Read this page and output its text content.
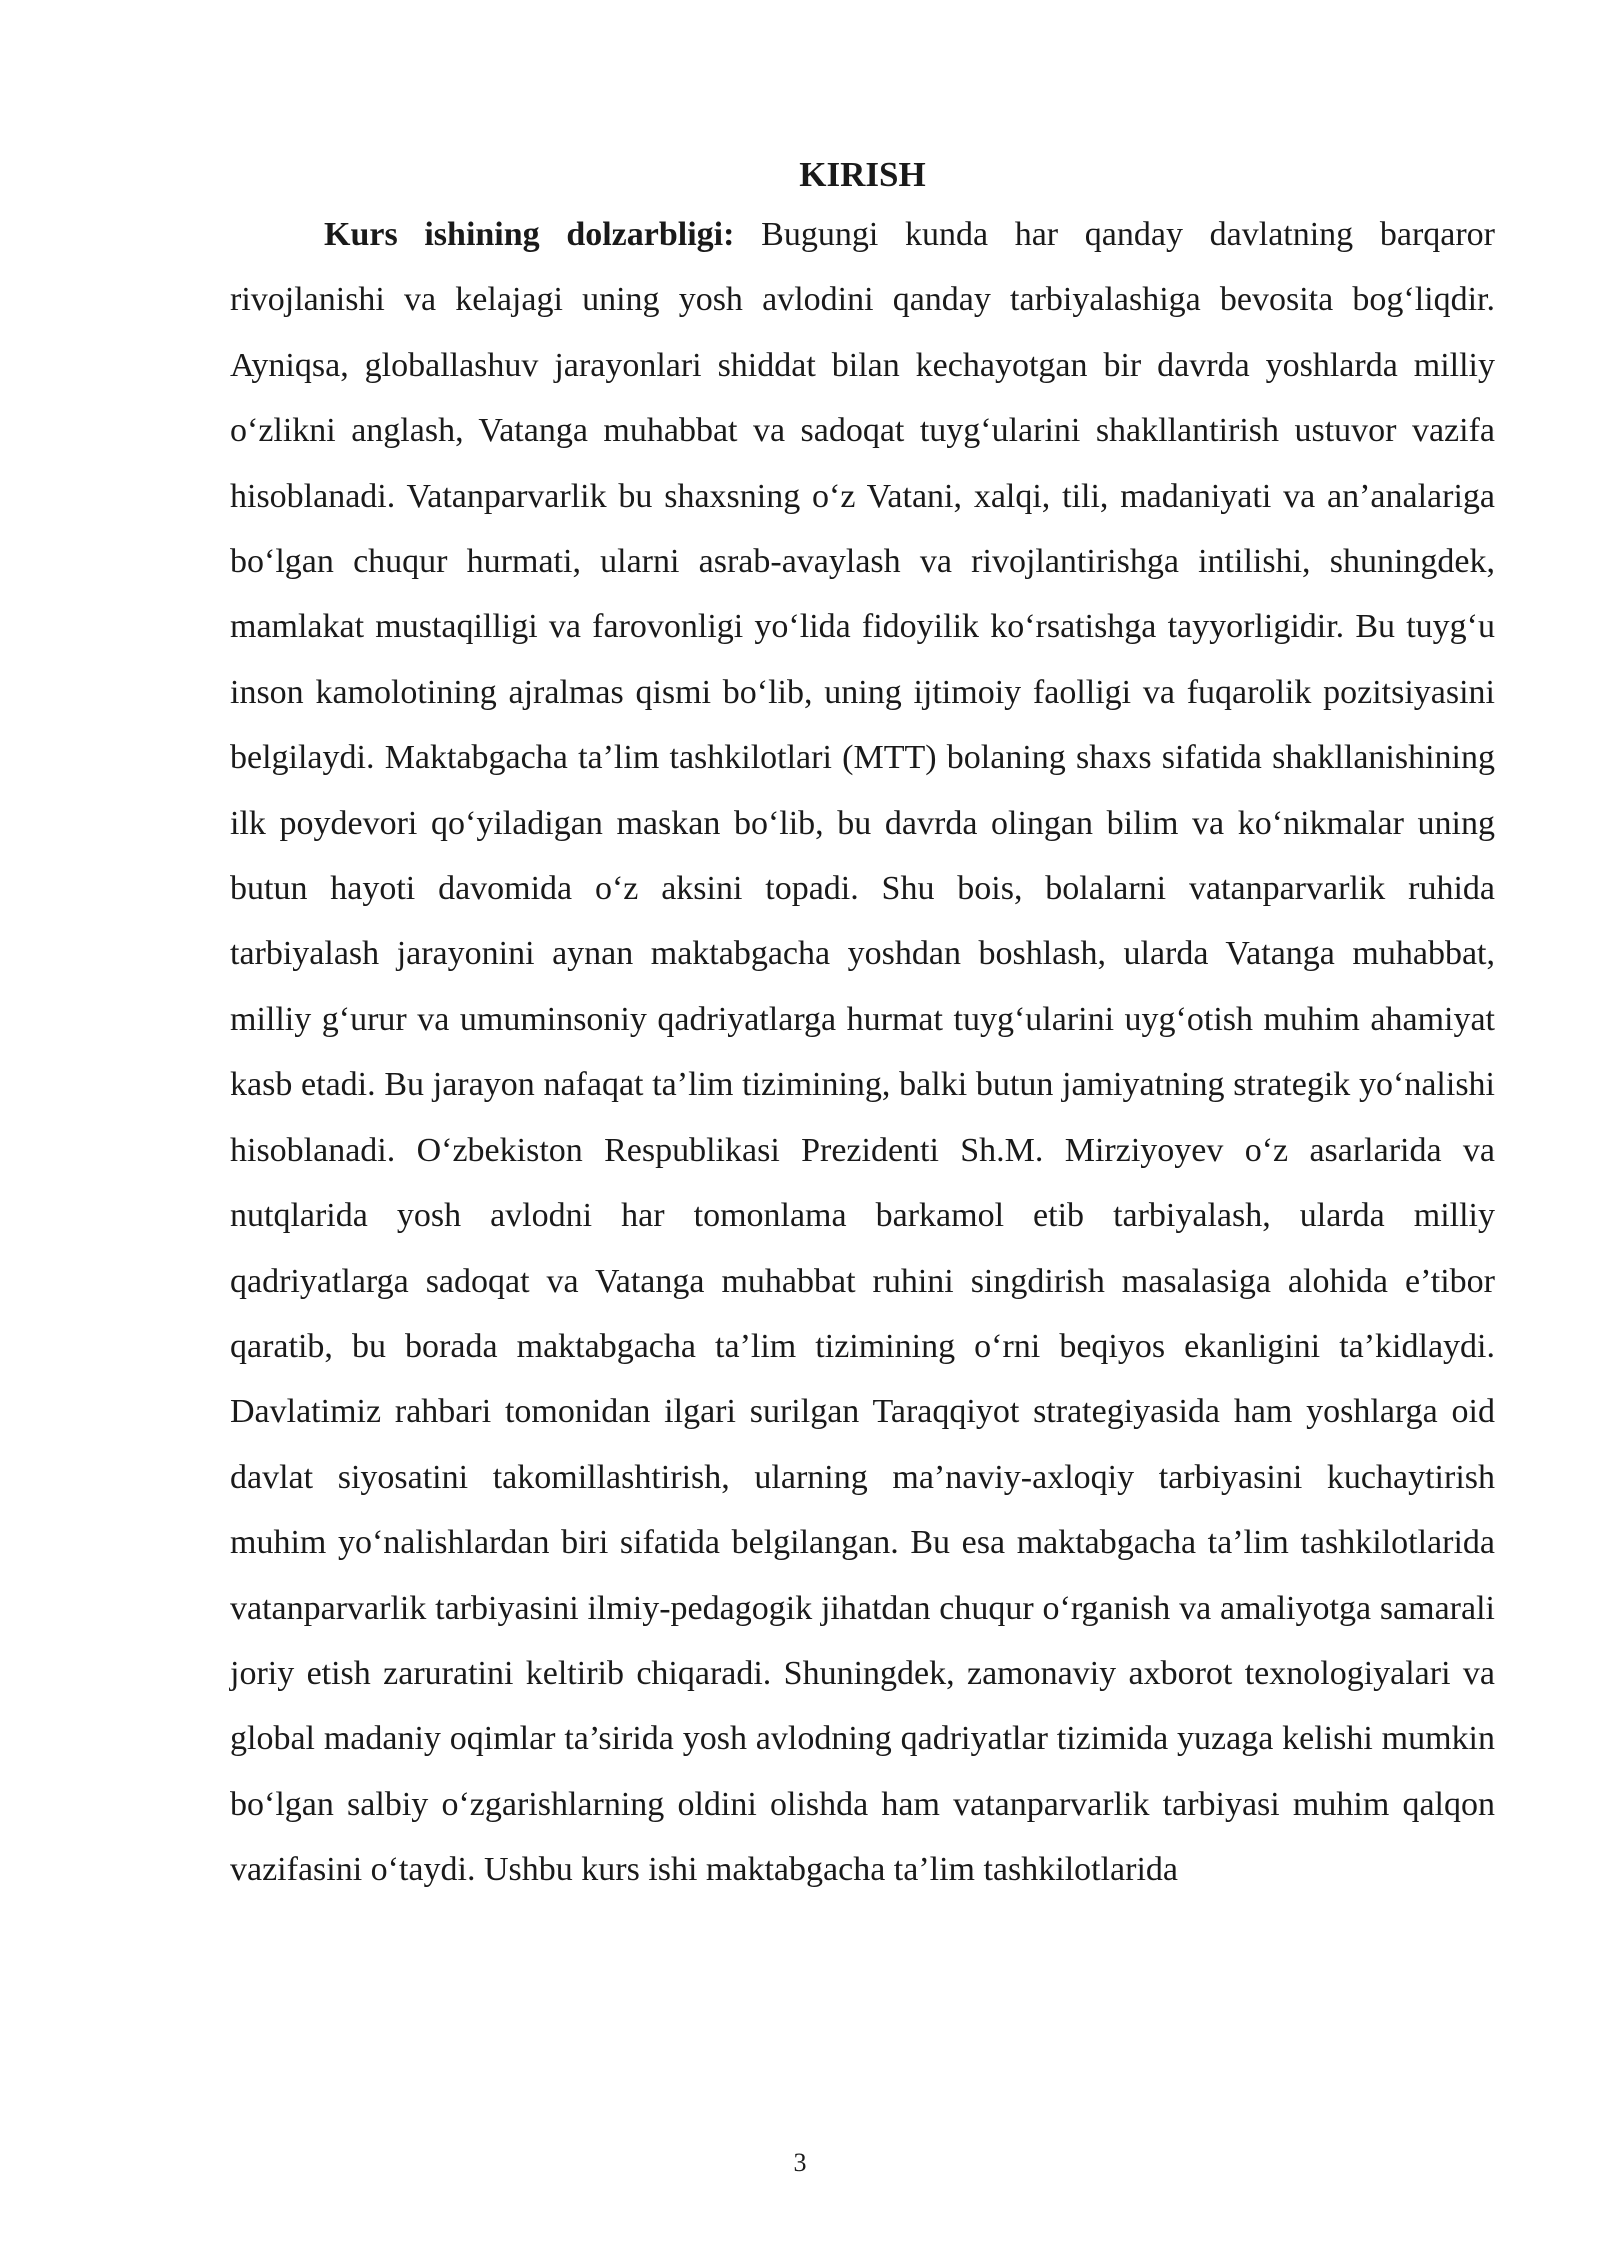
KIRISH

Kurs ishining dolzarbligi: Bugungi kunda har qanday davlatning barqaror rivojlanishi va kelajagi uning yosh avlodini qanday tarbiyalashiga bevosita bog‘liqdir. Ayniqsa, globallashuv jarayonlari shiddat bilan kechayotgan bir davrda yoshlarda milliy o‘zlikni anglash, Vatanga muhabbat va sadoqat tuyg‘ularini shakllantirish ustuvor vazifa hisoblanadi. Vatanparvarlik bu shaxsning o‘z Vatani, xalqi, tili, madaniyati va an’analariga bo‘lgan chuqur hurmati, ularni asrab-avaylash va rivojlantirishga intilishi, shuningdek, mamlakat mustaqilligi va farovonligi yo‘lida fidoyilik ko‘rsatishga tayyorligidir. Bu tuyg‘u inson kamolotining ajralmas qismi bo‘lib, uning ijtimoiy faolligi va fuqarolik pozitsiyasini belgilaydi. Maktabgacha ta’lim tashkilotlari (MTT) bolaning shaxs sifatida shakllanishining ilk poydevori qo‘yiladigan maskan bo‘lib, bu davrda olingan bilim va ko‘nikmalar uning butun hayoti davomida o‘z aksini topadi. Shu bois, bolalarni vatanparvarlik ruhida tarbiyalash jarayonini aynan maktabgacha yoshdan boshlash, ularda Vatanga muhabbat, milliy g‘urur va umuminsoniy qadriyatlarga hurmat tuyg‘ularini uyg‘otish muhim ahamiyat kasb etadi. Bu jarayon nafaqat ta’lim tizimining, balki butun jamiyatning strategik yo‘nalishi hisoblanadi. O‘zbekiston Respublikasi Prezidenti Sh.M. Mirziyoyev o‘z asarlarida va nutqlarida yosh avlodni har tomonlama barkamol etib tarbiyalash, ularda milliy qadriyatlarga sadoqat va Vatanga muhabbat ruhini singdirish masalasiga alohida e’tibor qaratib, bu borada maktabgacha ta’lim tizimining o‘rni beqiyos ekanligini ta’kidlaydi. Davlatimiz rahbari tomonidan ilgari surilgan Taraqqiyot strategiyasida ham yoshlarga oid davlat siyosatini takomillashtirish, ularning ma’naviy-axloqiy tarbiyasini kuchaytirish muhim yo‘nalishlardan biri sifatida belgilangan. Bu esa maktabgacha ta’lim tashkilotlarida vatanparvarlik tarbiyasini ilmiy-pedagogik jihatdan chuqur o‘rganish va amaliyotga samarali joriy etish zaruratini keltirib chiqaradi. Shuningdek, zamonaviy axborot texnologiyalari va global madaniy oqimlar ta’sirida yosh avlodning qadriyatlar tizimida yuzaga kelishi mumkin bo‘lgan salbiy o‘zgarishlarning oldini olishda ham vatanparvarlik tarbiyasi muhim qalqon vazifasini o‘taydi. Ushbu kurs ishi maktabgacha ta’lim tashkilotlarida

3
